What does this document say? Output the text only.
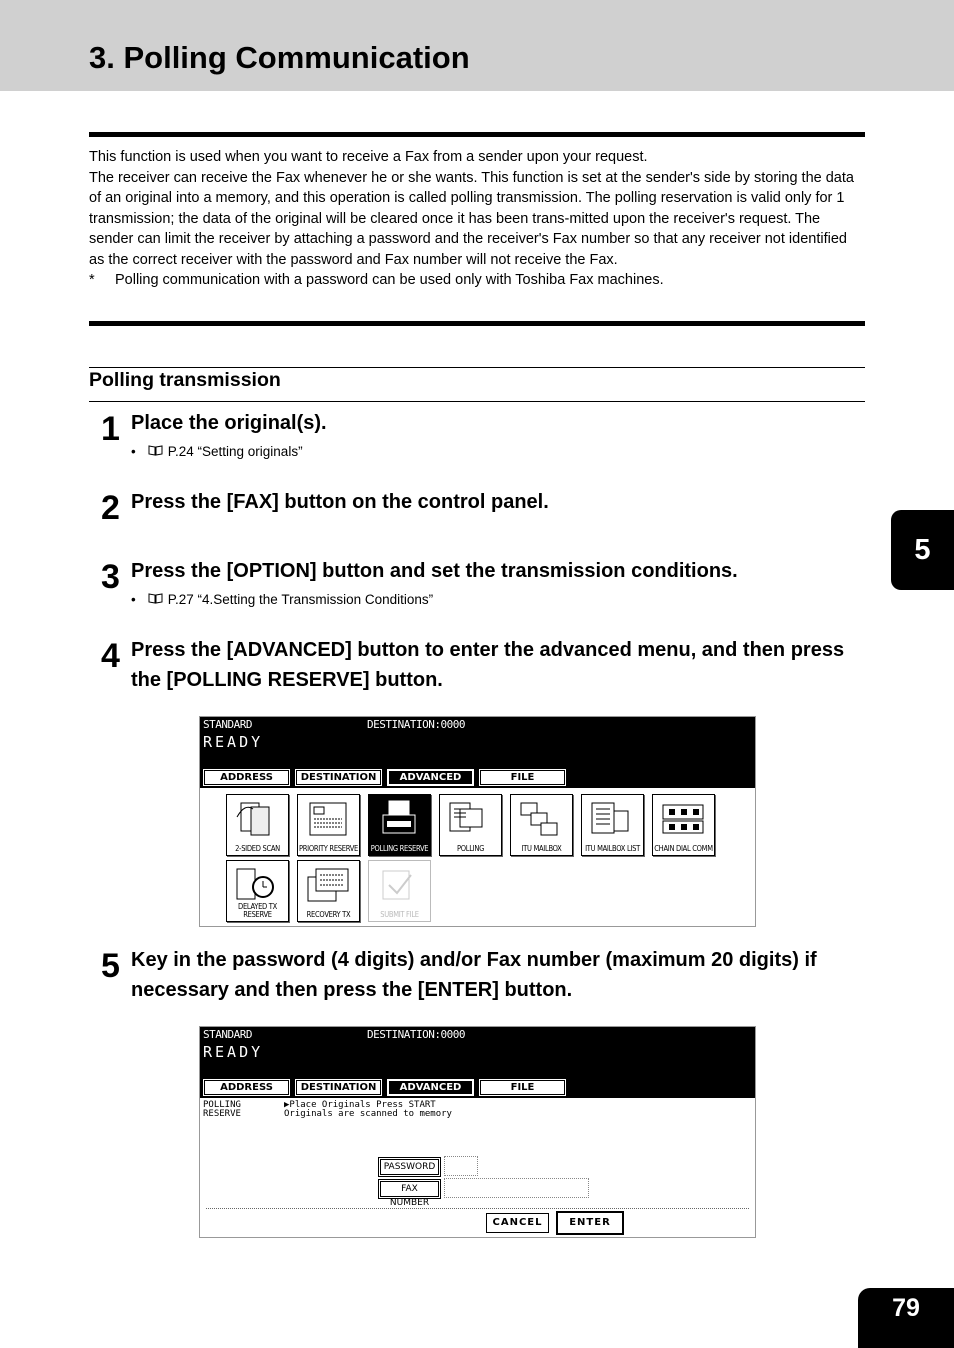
3. Polling Communication

This function is used when you want to receive a Fax from a sender upon your request.

The receiver can receive the Fax whenever he or she wants. This function is set at the sender's side by storing the data of an original into a memory, and this operation is called polling transmission. The polling reservation is valid only for 1 transmission; the data of the original will be cleared once it has been trans-mitted upon the receiver's request. The sender can limit the receiver by attaching a password and the receiver's Fax number so that any receiver not identified as the correct receiver with the password and Fax number will not receive the Fax.

*	Polling communication with a password can be used only with Toshiba Fax machines.
Polling transmission
1 Place the original(s).
• P.24 “Setting originals”
2 Press the [FAX] button on the control panel.
3 Press the [OPTION] button and set the transmission conditions.
• P.27 “4.Setting the Transmission Conditions”
4 Press the [ADVANCED] button to enter the advanced menu, and then press the [POLLING RESERVE] button.
STANDARD	DESTINATION:0000
READY
ADDRESS	DESTINATION	ADVANCED	FILE
2-SIDED SCAN	PRIORITY RESERVE POLLING RESERVE	POLLING	ITU MAILBOX	ITU MAILBOX LIST	CHAIN DIAL COMM
DELAYED TX RESERVE	RECOVERY TX	SUBMIT FILE
5 Key in the password (4 digits) and/or Fax number (maximum 20 digits) if necessary and then press the [ENTER] button.
STANDARD	DESTINATION:0000
READY
ADDRESS	DESTINATION	ADVANCED	FILE
POLLING
RESERVE
▶Place Originals Press START
Originals are scanned to memory
PASSWORD
FAX NUMBER
CANCEL	ENTER
5
79
